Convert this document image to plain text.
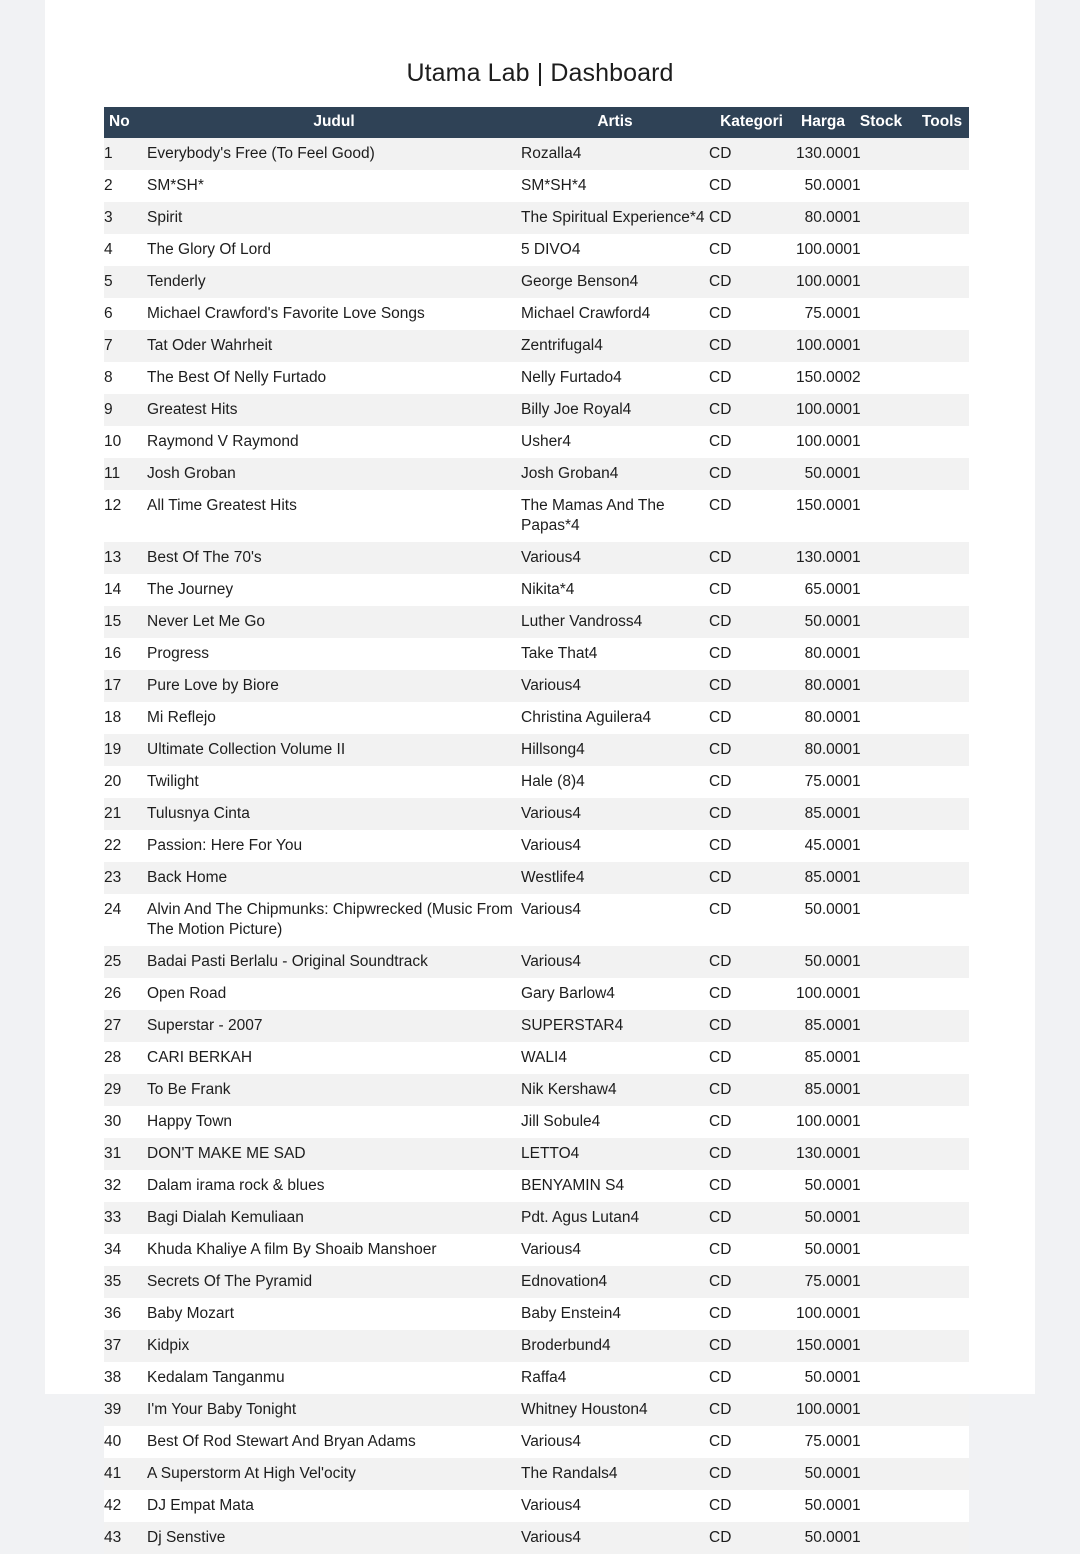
Utama Lab | Dashboard
No	Judul	Artis	Kategori	Harga	Stock	Tools
1	Everybody's Free (To Feel Good)	Rozalla4	CD	130.000	1	
2	SM*SH*	SM*SH*4	CD	50.000	1	
3	Spirit	The Spiritual Experience*4	CD	80.000	1	
4	The Glory Of Lord	5 DIVO4	CD	100.000	1	
5	Tenderly	George Benson4	CD	100.000	1	
6	Michael Crawford's Favorite Love Songs	Michael Crawford4	CD	75.000	1	
7	Tat Oder Wahrheit	Zentrifugal4	CD	100.000	1	
8	The Best Of Nelly Furtado	Nelly Furtado4	CD	150.000	2	
9	Greatest Hits	Billy Joe Royal4	CD	100.000	1	
10	Raymond V Raymond	Usher4	CD	100.000	1	
11	Josh Groban	Josh Groban4	CD	50.000	1	
12	All Time Greatest Hits	The Mamas And The Papas*4	CD	150.000	1	
13	Best Of The 70's	Various4	CD	130.000	1	
14	The Journey	Nikita*4	CD	65.000	1	
15	Never Let Me Go	Luther Vandross4	CD	50.000	1	
16	Progress	Take That4	CD	80.000	1	
17	Pure Love by Biore	Various4	CD	80.000	1	
18	Mi Reflejo	Christina Aguilera4	CD	80.000	1	
19	Ultimate Collection Volume II	Hillsong4	CD	80.000	1	
20	Twilight	Hale (8)4	CD	75.000	1	
21	Tulusnya Cinta	Various4	CD	85.000	1	
22	Passion: Here For You	Various4	CD	45.000	1	
23	Back Home	Westlife4	CD	85.000	1	
24	Alvin And The Chipmunks: Chipwrecked (Music From The Motion Picture)	Various4	CD	50.000	1	
25	Badai Pasti Berlalu - Original Soundtrack	Various4	CD	50.000	1	
26	Open Road	Gary Barlow4	CD	100.000	1	
27	Superstar - 2007	SUPERSTAR4	CD	85.000	1	
28	CARI BERKAH	WALI4	CD	85.000	1	
29	To Be Frank	Nik Kershaw4	CD	85.000	1	
30	Happy Town	Jill Sobule4	CD	100.000	1	
31	DON'T MAKE ME SAD	LETTO4	CD	130.000	1	
32	Dalam irama rock & blues	BENYAMIN S4	CD	50.000	1	
33	Bagi Dialah Kemuliaan	Pdt. Agus Lutan4	CD	50.000	1	
34	Khuda Khaliye A film By Shoaib Manshoer	Various4	CD	50.000	1	
35	Secrets Of The Pyramid	Ednovation4	CD	75.000	1	
36	Baby Mozart	Baby Enstein4	CD	100.000	1	
37	Kidpix	Broderbund4	CD	150.000	1	
38	Kedalam Tanganmu	Raffa4	CD	50.000	1	
39	I'm Your Baby Tonight	Whitney Houston4	CD	100.000	1	
40	Best Of Rod Stewart And Bryan Adams	Various4	CD	75.000	1	
41	A Superstorm At High Vel'ocity	The Randals4	CD	50.000	1	
42	DJ Empat Mata	Various4	CD	50.000	1	
43	Dj Senstive	Various4	CD	50.000	1	
